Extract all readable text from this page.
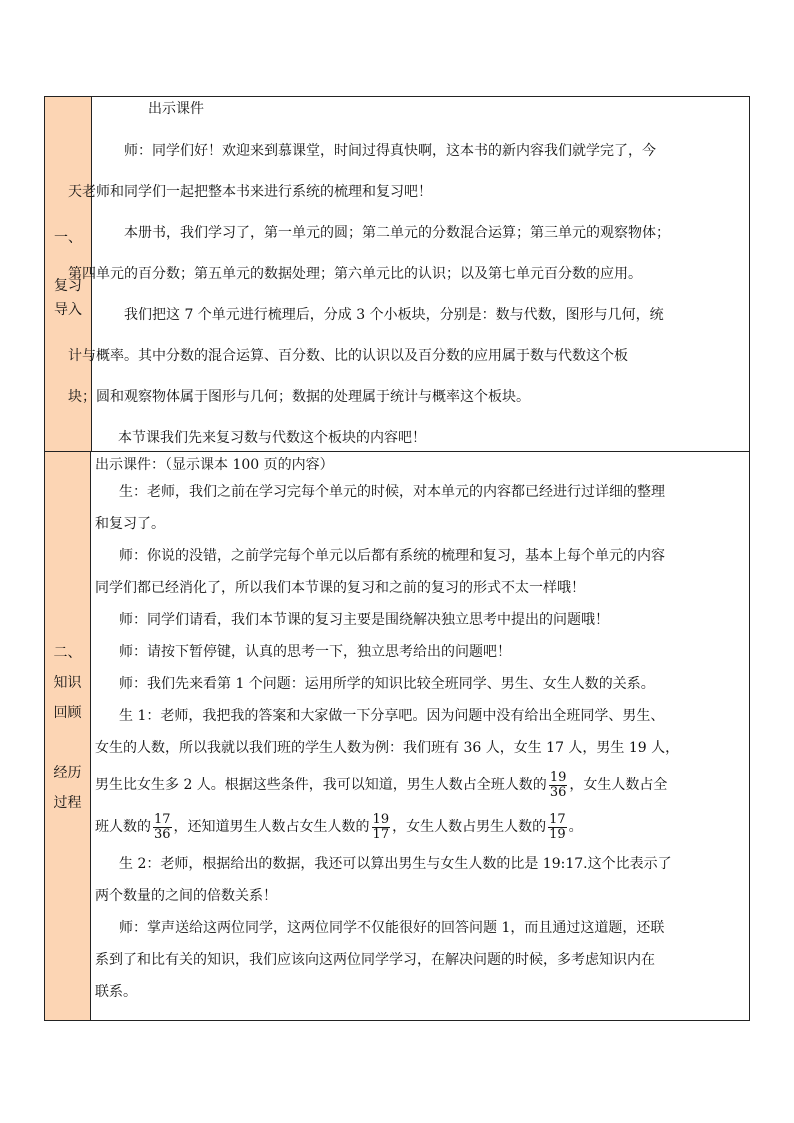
一、
复习
导入

出示课件

师：同学们好！欢迎来到慕课堂，时间过得真快啊，这本书的新内容我们就学完了，今
天老师和同学们一起把整本书来进行系统的梳理和复习吧！

本册书，我们学习了，第一单元的圆；第二单元的分数混合运算；第三单元的观察物体；
第四单元的百分数；第五单元的数据处理；第六单元比的认识；以及第七单元百分数的应用。

我们把这 7 个单元进行梳理后，分成 3 个小板块，分别是：数与代数，图形与几何，统
计与概率。其中分数的混合运算、百分数、比的认识以及百分数的应用属于数与代数这个板
块；圆和观察物体属于图形与几何；数据的处理属于统计与概率这个板块。

本节课我们先来复习数与代数这个板块的内容吧！

二、
知识
回顾
经历
过程

出示课件：（显示课本 100 页的内容）

生：老师，我们之前在学习完每个单元的时候，对本单元的内容都已经进行过详细的整理

和复习了。

师：你说的没错，之前学完每个单元以后都有系统的梳理和复习，基本上每个单元的内容

同学们都已经消化了，所以我们本节课的复习和之前的复习的形式不太一样哦！

师：同学们请看，我们本节课的复习主要是围绕解决独立思考中提出的问题哦！

师：请按下暂停键，认真的思考一下，独立思考给出的问题吧！

师：我们先来看第 1 个问题：运用所学的知识比较全班同学、男生、女生人数的关系。

生 1：老师，我把我的答案和大家做一下分享吧。因为问题中没有给出全班同学、男生、

女生的人数，所以我就以我们班的学生人数为例：我们班有 36 人，女生 17 人，男生 19 人，

男生比女生多 2 人。根据这些条件，我可以知道，男生人数占全班人数的 $\frac{19}{36}$ ，女生人数占全

班人数的 $\frac{17}{36}$ ，还知道男生人数占女生人数的 $\frac{19}{17}$ ，女生人数占男生人数的 $\frac{17}{19}$ 。

生 2：老师，根据给出的数据，我还可以算出男生与女生人数的比是 19:17.这个比表示了

两个数量的之间的倍数关系！

师：掌声送给这两位同学，这两位同学不仅能很好的回答问题 1，而且通过这道题，还联

系到了和比有关的知识，我们应该向这两位同学学习，在解决问题的时候，多考虑知识内在

联系。
